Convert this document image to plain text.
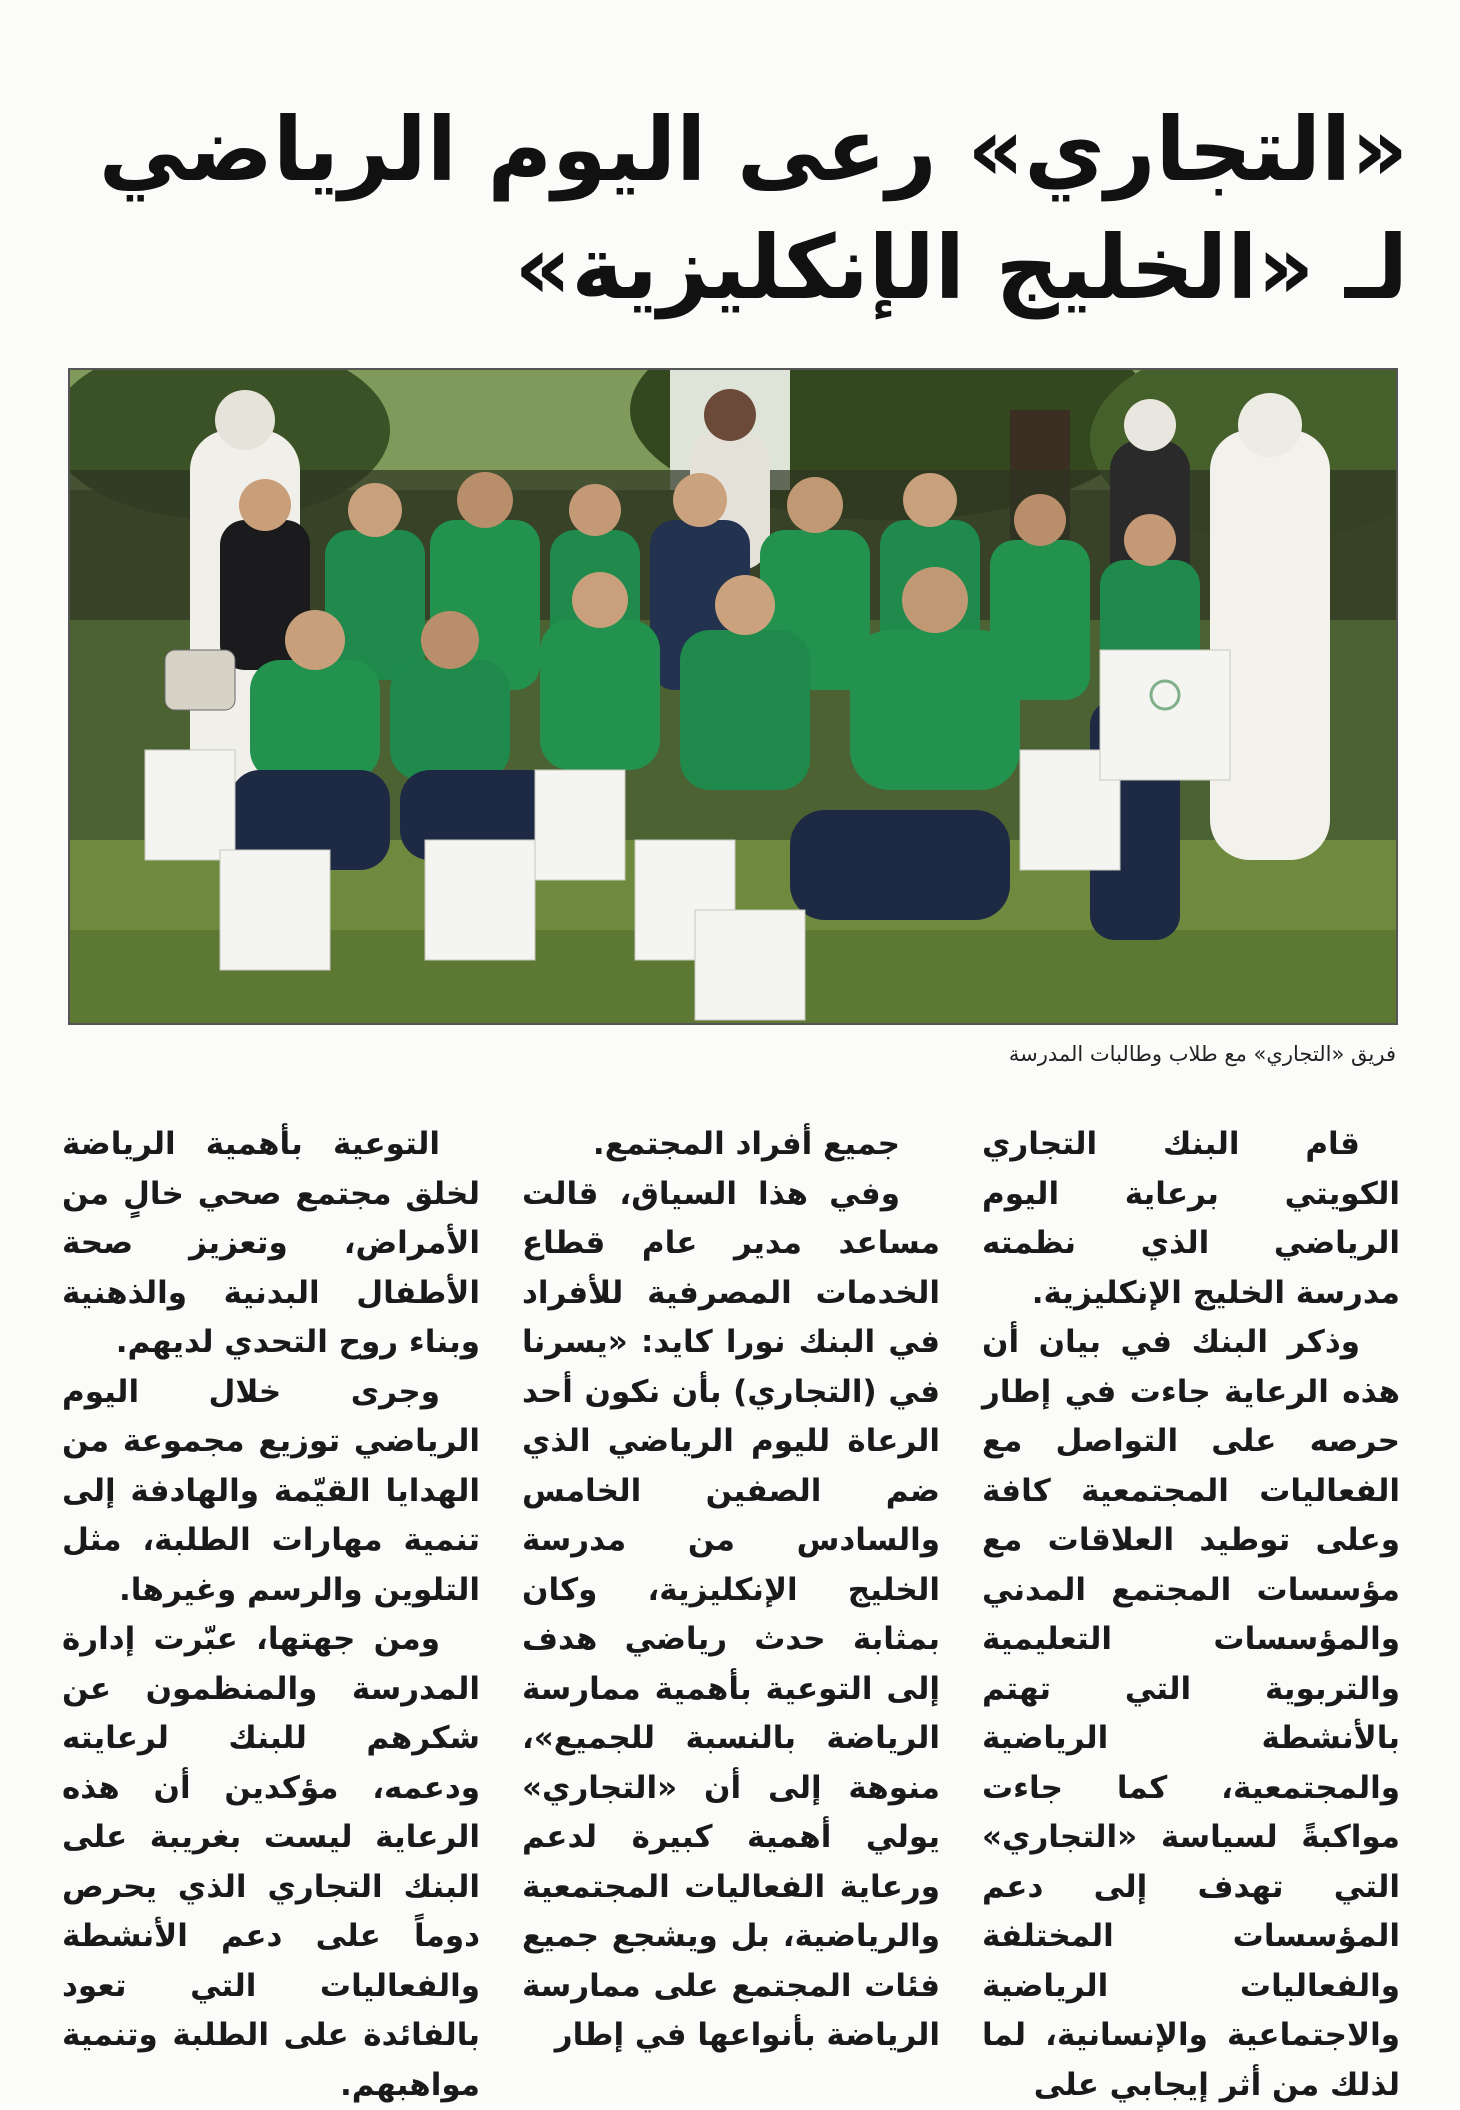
«التجاري» رعى اليوم الرياضي
لـ «الخليج الإنكليزية»
فريق «التجاري» مع طلاب وطالبات المدرسة

قام البنك التجاري الكويتي برعاية اليوم الرياضي الذي نظمته مدرسة الخليج الإنكليزية.

وذكر البنك في بيان أن هذه الرعاية جاءت في إطار حرصه على التواصل مع الفعاليات المجتمعية كافة وعلى توطيد العلاقات مع مؤسسات المجتمع المدني والمؤسسات التعليمية والتربوية التي تهتم بالأنشطة الرياضية والمجتمعية، كما جاءت مواكبةً لسياسة «التجاري» التي تهدف إلى دعم المؤسسات المختلفة والفعاليات الرياضية والاجتماعية والإنسانية، لما لذلك من أثر إيجابي على

جميع أفراد المجتمع.

وفي هذا السياق، قالت مساعد مدير عام قطاع الخدمات المصرفية للأفراد في البنك نورا كايد: «يسرنا في (التجاري) بأن نكون أحد الرعاة لليوم الرياضي الذي ضم الصفين الخامس والسادس من مدرسة الخليج الإنكليزية، وكان بمثابة حدث رياضي هدف إلى التوعية بأهمية ممارسة الرياضة بالنسبة للجميع»، منوهة إلى أن «التجاري» يولي أهمية كبيرة لدعم ورعاية الفعاليات المجتمعية والرياضية، بل ويشجع جميع فئات المجتمع على ممارسة الرياضة بأنواعها في إطار

التوعية بأهمية الرياضة لخلق مجتمع صحي خالٍ من الأمراض، وتعزيز صحة الأطفال البدنية والذهنية وبناء روح التحدي لديهم.

وجرى خلال اليوم الرياضي توزيع مجموعة من الهدايا القيّمة والهادفة إلى تنمية مهارات الطلبة، مثل التلوين والرسم وغيرها.

ومن جهتها، عبّرت إدارة المدرسة والمنظمون عن شكرهم للبنك لرعايته ودعمه، مؤكدين أن هذه الرعاية ليست بغريبة على البنك التجاري الذي يحرص دوماً على دعم الأنشطة والفعاليات التي تعود بالفائدة على الطلبة وتنمية مواهبهم.
